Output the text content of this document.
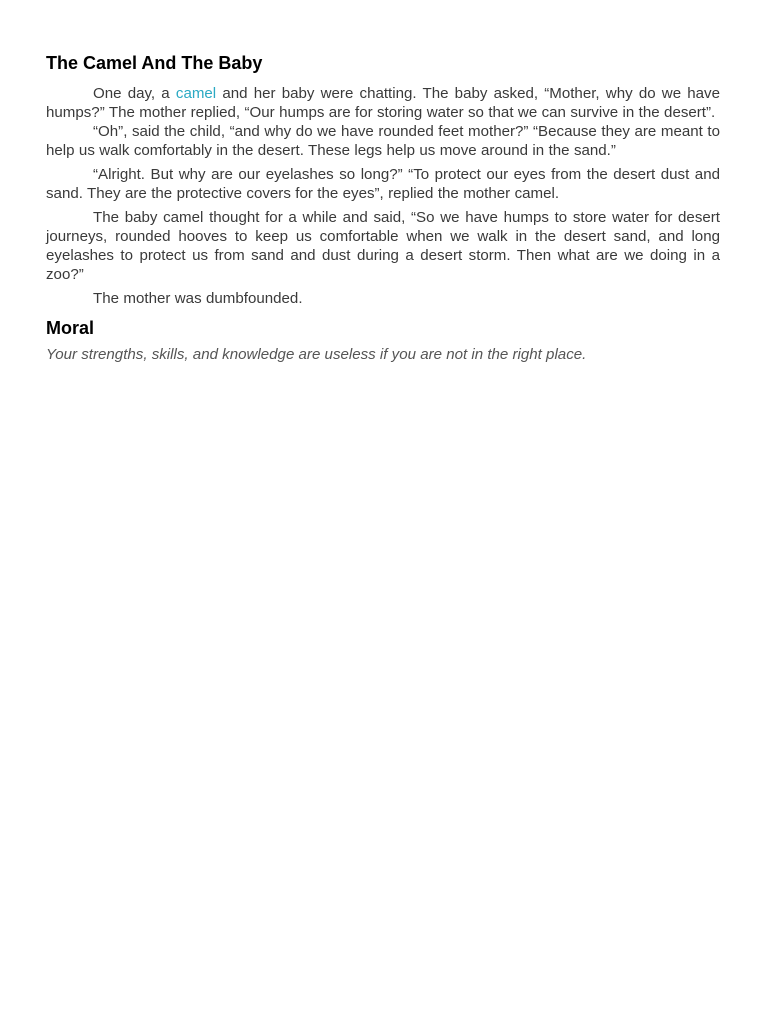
The Camel And The Baby

One day, a camel and her baby were chatting. The baby asked, “Mother, why do we have humps?” The mother replied, “Our humps are for storing water so that we can survive in the desert”.

“Oh”, said the child, “and why do we have rounded feet mother?” “Because they are meant to help us walk comfortably in the desert. These legs help us move around in the sand.”

“Alright. But why are our eyelashes so long?” “To protect our eyes from the desert dust and sand. They are the protective covers for the eyes”, replied the mother camel.

The baby camel thought for a while and said, “So we have humps to store water for desert journeys, rounded hooves to keep us comfortable when we walk in the desert sand, and long eyelashes to protect us from sand and dust during a desert storm. Then what are we doing in a zoo?”

The mother was dumbfounded.

Moral

Your strengths, skills, and knowledge are useless if you are not in the right place.
